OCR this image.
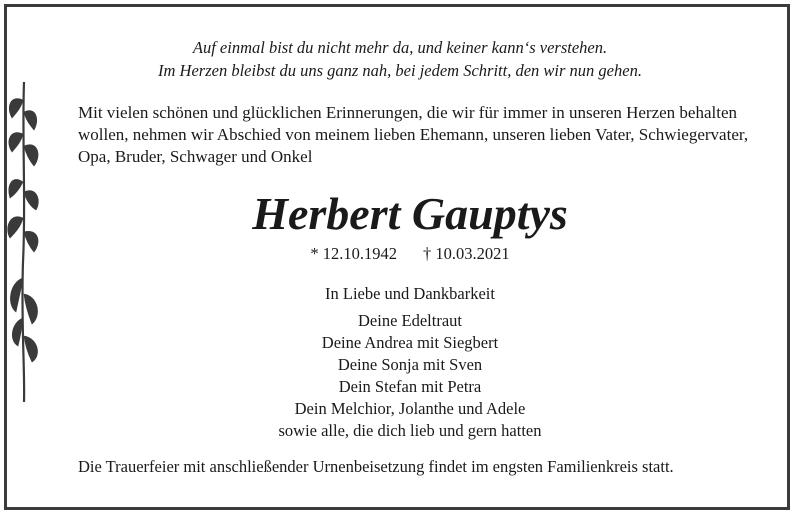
Auf einmal bist du nicht mehr da, und keiner kann‘s verstehen.
Im Herzen bleibst du uns ganz nah, bei jedem Schritt, den wir nun gehen.
Mit vielen schönen und glücklichen Erinnerungen, die wir für immer in unseren Herzen behalten wollen, nehmen wir Abschied von meinem lieben Ehemann, unseren lieben Vater, Schwiegervater, Opa, Bruder, Schwager und Onkel
Herbert Gauptys
* 12.10.1942 † 10.03.2021
In Liebe und Dankbarkeit
Deine Edeltraut
Deine Andrea mit Siegbert
Deine Sonja mit Sven
Dein Stefan mit Petra
Dein Melchior, Jolanthe und Adele
sowie alle, die dich lieb und gern hatten
Die Trauerfeier mit anschließender Urnenbeisetzung findet im engsten Familienkreis statt.
